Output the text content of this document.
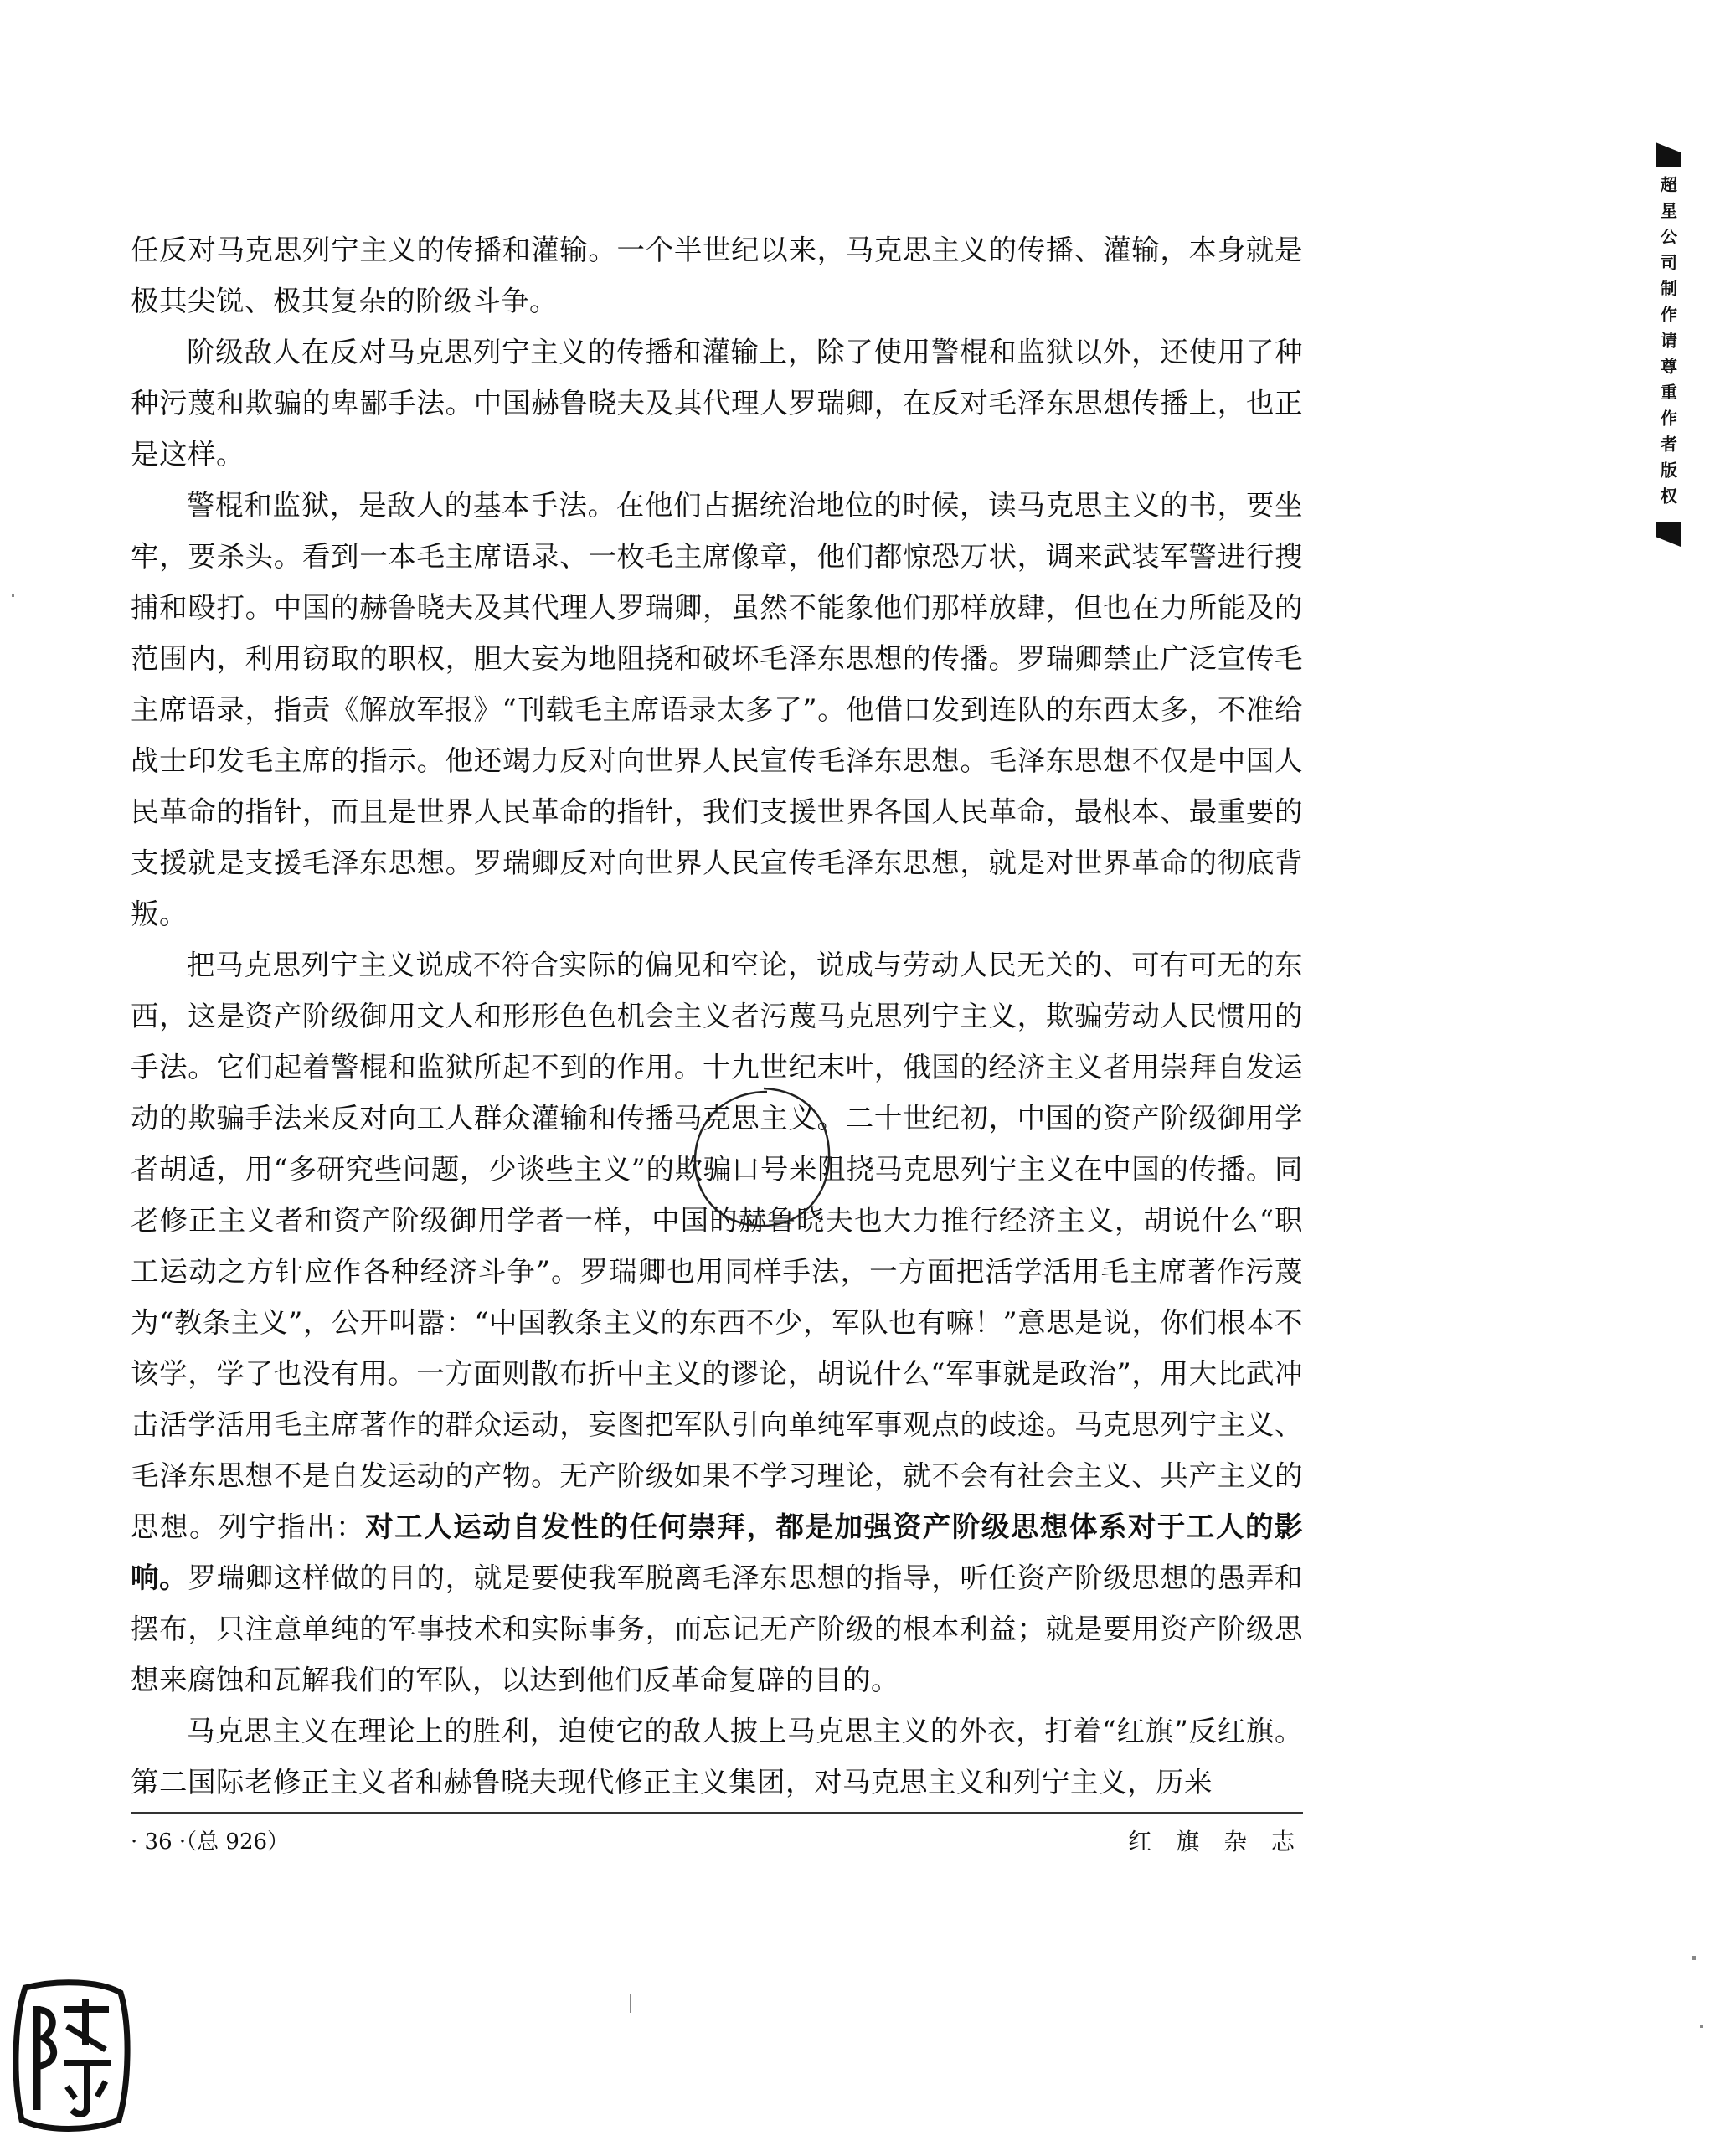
超星公司制作请尊重作者版权

任反对马克思列宁主义的传播和灌输。一个半世纪以来，马克思主义的传播、灌输，本身就是极其尖锐、极其复杂的阶级斗争。

阶级敌人在反对马克思列宁主义的传播和灌输上，除了使用警棍和监狱以外，还使用了种种污蔑和欺骗的卑鄙手法。中国赫鲁晓夫及其代理人罗瑞卿，在反对毛泽东思想传播上，也正是这样。

警棍和监狱，是敌人的基本手法。在他们占据统治地位的时候，读马克思主义的书，要坐牢，要杀头。看到一本毛主席语录、一枚毛主席像章，他们都惊恐万状，调来武装军警进行搜捕和殴打。中国的赫鲁晓夫及其代理人罗瑞卿，虽然不能象他们那样放肆，但也在力所能及的范围内，利用窃取的职权，胆大妄为地阻挠和破坏毛泽东思想的传播。罗瑞卿禁止广泛宣传毛主席语录，指责《解放军报》“刊载毛主席语录太多了”。他借口发到连队的东西太多，不准给战士印发毛主席的指示。他还竭力反对向世界人民宣传毛泽东思想。毛泽东思想不仅是中国人民革命的指针，而且是世界人民革命的指针，我们支援世界各国人民革命，最根本、最重要的支援就是支援毛泽东思想。罗瑞卿反对向世界人民宣传毛泽东思想，就是对世界革命的彻底背叛。

把马克思列宁主义说成不符合实际的偏见和空论，说成与劳动人民无关的、可有可无的东西，这是资产阶级御用文人和形形色色机会主义者污蔑马克思列宁主义，欺骗劳动人民惯用的手法。它们起着警棍和监狱所起不到的作用。十九世纪末叶，俄国的经济主义者用崇拜自发运动的欺骗手法来反对向工人群众灌输和传播马克思主义。二十世纪初，中国的资产阶级御用学者胡适，用“多研究些问题，少谈些主义”的欺骗口号来阻挠马克思列宁主义在中国的传播。同老修正主义者和资产阶级御用学者一样，中国的赫鲁晓夫也大力推行经济主义，胡说什么“职工运动之方针应作各种经济斗争”。罗瑞卿也用同样手法，一方面把活学活用毛主席著作污蔑为“教条主义”，公开叫嚣：“中国教条主义的东西不少，军队也有嘛！”意思是说，你们根本不该学，学了也没有用。一方面则散布折中主义的谬论，胡说什么“军事就是政治”，用大比武冲击活学活用毛主席著作的群众运动，妄图把军队引向单纯军事观点的歧途。马克思列宁主义、毛泽东思想不是自发运动的产物。无产阶级如果不学习理论，就不会有社会主义、共产主义的思想。列宁指出：对工人运动自发性的任何崇拜，都是加强资产阶级思想体系对于工人的影响。罗瑞卿这样做的目的，就是要使我军脱离毛泽东思想的指导，听任资产阶级思想的愚弄和摆布，只注意单纯的军事技术和实际事务，而忘记无产阶级的根本利益；就是要用资产阶级思想来腐蚀和瓦解我们的军队，以达到他们反革命复辟的目的。

马克思主义在理论上的胜利，迫使它的敌人披上马克思主义的外衣，打着“红旗”反红旗。第二国际老修正主义者和赫鲁晓夫现代修正主义集团，对马克思主义和列宁主义，历来

· 36 ·（总 926）	红 旗 杂 志
